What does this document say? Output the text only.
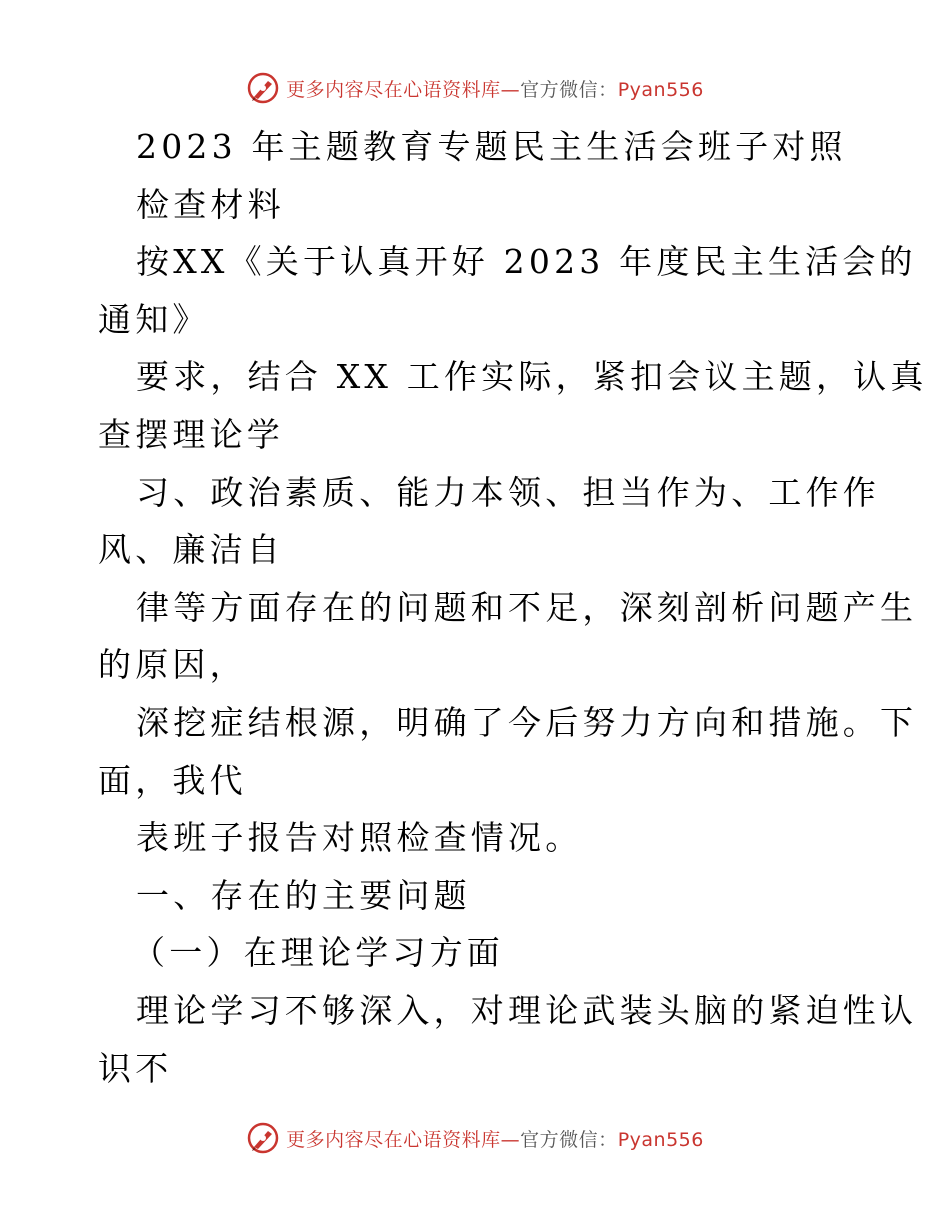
更多内容尽在心语资料库—官方微信：Pyan556
2023 年主题教育专题民主生活会班子对照
检查材料
按XX《关于认真开好 2023 年度民主生活会的
通知》
要求，结合 XX 工作实际，紧扣会议主题，认真
查摆理论学
习、政治素质、能力本领、担当作为、工作作
风、廉洁自
律等方面存在的问题和不足，深刻剖析问题产生
的原因，
深挖症结根源，明确了今后努力方向和措施。下
面，我代
表班子报告对照检查情况。
一、存在的主要问题
（一）在理论学习方面
理论学习不够深入，对理论武装头脑的紧迫性认
识不
更多内容尽在心语资料库—官方微信：Pyan556
